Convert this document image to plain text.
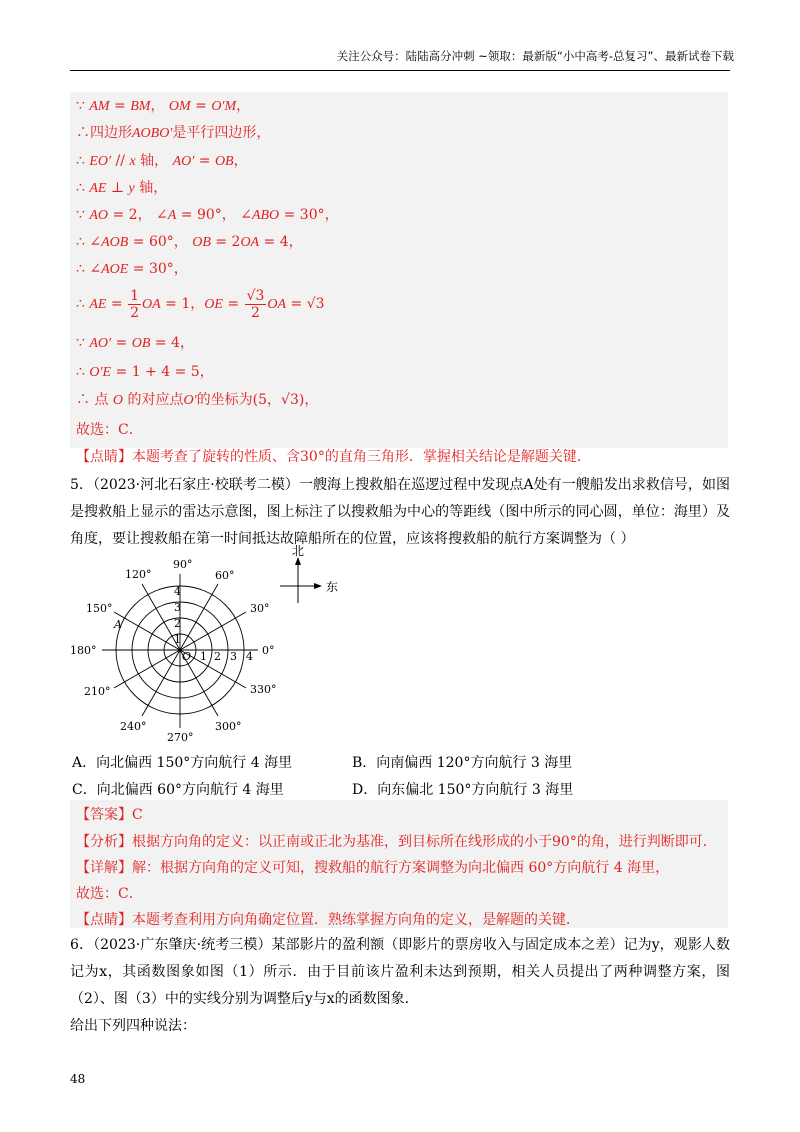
关注公众号：陆陆高分冲刺 ~领取：最新版“小中高考-总复习”、最新试卷下载
∵ AM = BM， OM = O′M，
∴四边形AOBO′是平行四边形，
∴ EO′ // x 轴， AO′ = OB，
∴ AE ⊥ y 轴，
∵ AO = 2， ∠A = 90°， ∠ABO = 30°，
∴ ∠AOB = 60°， OB = 2OA = 4，
∴ ∠AOE = 30°，
∴ AE = $\frac{1}{2}$ OA = 1，OE = $\frac{√3}{2}$ OA = √3
∵ AO′ = OB = 4，
∴ O′E = 1 + 4 = 5，
∴ 点 O 的对应点O′的坐标为(5，√3)，
故选：C．
【点睛】本题考查了旋转的性质、含30°的直角三角形．掌握相关结论是解题关键．
5．（2023·河北石家庄·校联考二模）一艘海上搜救船在巡逻过程中发现点A处有一艘船发出求救信号，如图是搜救船上显示的雷达示意图，图上标注了以搜救船为中心的等距线（图中所示的同心圆，单位：海里）及角度，要让搜救船在第一时间抵达故障船所在的位置，应该将搜救船的航行方案调整为（ ）
90°
60°
30°
0°
330°
300°
270°
240°
210°
180°
150°
120°
1
2
3
4
1 2 3 4
O
A
北
东
A．向北偏西 150°方向航行 4 海里	B．向南偏西 120°方向航行 3 海里
C．向北偏西 60°方向航行 4 海里	D．向东偏北 150°方向航行 3 海里
【答案】C
【分析】根据方向角的定义：以正南或正北为基准，到目标所在线形成的小于90°的角，进行判断即可．
【详解】解：根据方向角的定义可知，搜救船的航行方案调整为向北偏西 60°方向航行 4 海里，
故选：C．
【点睛】本题考查利用方向角确定位置．熟练掌握方向角的定义，是解题的关键．
6．（2023·广东肇庆·统考三模）某部影片的盈利额（即影片的票房收入与固定成本之差）记为y，观影人数记为x，其函数图象如图（1）所示．由于目前该片盈利未达到预期，相关人员提出了两种调整方案，图（2）、图（3）中的实线分别为调整后y与x的函数图象．
给出下列四种说法：
48
